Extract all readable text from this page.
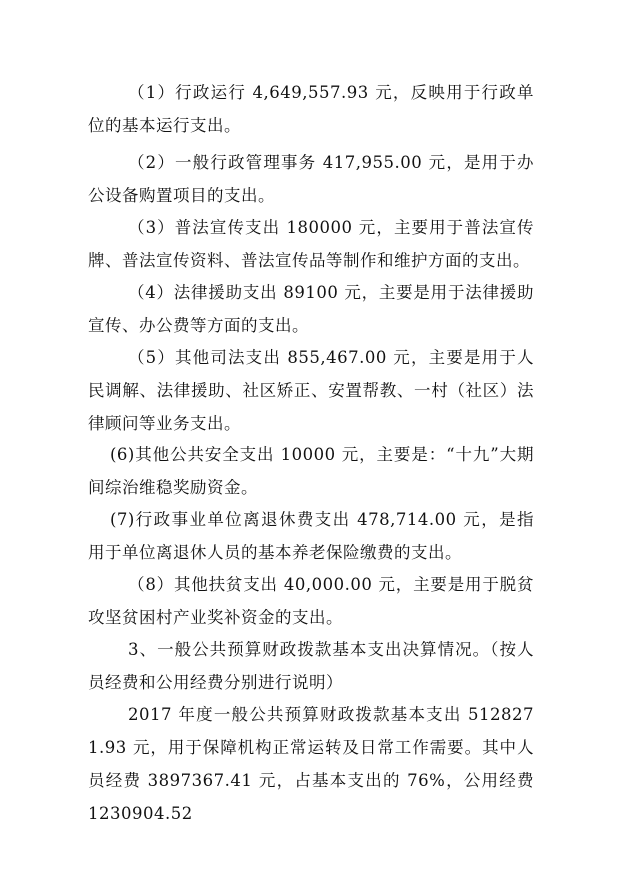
（1）行政运行 4,649,557.93 元，反映用于行政单位的基本运行支出。

（2）一般行政管理事务 417,955.00 元，是用于办公设备购置项目的支出。

（3）普法宣传支出 180000 元，主要用于普法宣传牌、普法宣传资料、普法宣传品等制作和维护方面的支出。

（4）法律援助支出 89100 元，主要是用于法律援助宣传、办公费等方面的支出。

（5）其他司法支出 855,467.00 元，主要是用于人民调解、法律援助、社区矫正、安置帮教、一村（社区）法律顾问等业务支出。

(6)其他公共安全支出 10000 元，主要是：“十九”大期间综治维稳奖励资金。

(7)行政事业单位离退休费支出 478,714.00 元，是指用于单位离退休人员的基本养老保险缴费的支出。

（8）其他扶贫支出 40,000.00 元，主要是用于脱贫攻坚贫困村产业奖补资金的支出。

3、一般公共预算财政拨款基本支出决算情况。（按人员经费和公用经费分别进行说明）

2017 年度一般公共预算财政拨款基本支出 5128271.93 元，用于保障机构正常运转及日常工作需要。其中人员经费 3897367.41 元，占基本支出的 76%，公用经费 1230904.52
